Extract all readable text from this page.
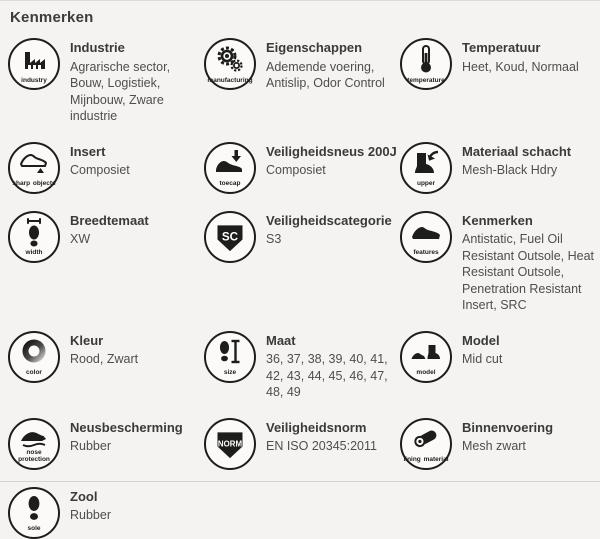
Kenmerken
industry
Industrie
Agrarische sector, Bouw, Logistiek, Mijnbouw, Zware industrie
manufacturing
Eigenschappen
Ademende voering, Antislip, Odor Control	temperature
Temperatuur
Heet, Koud, Normaal
sharp objects
Insert
Composiet
toecap
Veiligheidsneus 200J
Composiet
upper
Materiaal schacht
Mesh-Black Hdry
width
Breedtemaat
XW	SC
Veiligheidscategorie
S3
features
Kenmerken
Antistatic, Fuel Oil Resistant Outsole, Heat Resistant Outsole, Penetration Resistant Insert, SRC
color
Kleur
Rood, Zwart
size
Maat
36, 37, 38, 39, 40, 41, 42, 43, 44, 45, 46, 47, 48, 49
model
Model
Mid cut
nose protection
Neusbescherming
Rubber	NORM
Veiligheidsnorm
EN ISO 20345:2011
lining material
Binnenvoering
Mesh zwart
sole
Zool
Rubber
